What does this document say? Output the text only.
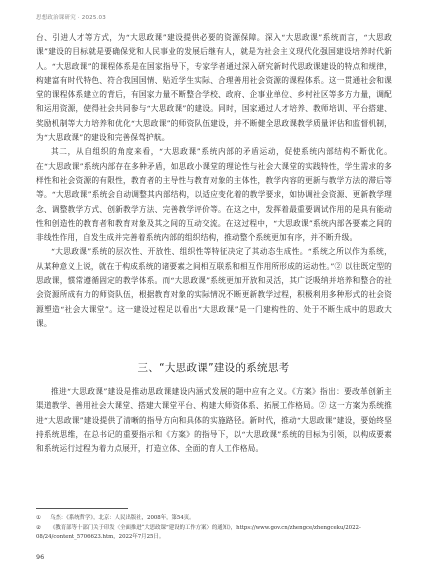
思想政治课研究 · 2025.03

台、引进人才等方式，为“大思政课”建设提供必要的资源保障。深入“大思政课”系统而言，“大思政课”建设的目标就是要确保党和人民事业的发展后继有人，就是为社会主义现代化强国建设培养时代新人。“大思政课”的课程体系是在国家指导下，专家学者通过深入研究新时代思政课建设的特点和规律，构建富有时代特色、符合我国国情、贴近学生实际、合理善用社会资源的课程体系。这一贯通社会和课堂的课程体系建立的背后，有国家力量不断整合学校、政府、企事业单位、乡村社区等多方力量，调配和运用资源，使得社会共同参与“大思政课”的建设。同时，国家通过人才培养、教师培训、平台搭建、奖励机制等大力培养和优化“大思政课”的师资队伍建设，并不断健全思政课教学质量评估和监督机制，为“大思政课”的建设和完善保驾护航。

其二，从自组织的角度来看，“大思政课”系统内部的矛盾运动，促使系统内部结构不断优化。在“大思政课”系统内部存在多种矛盾，如思政小课堂的理论性与社会大课堂的实践特性，学生需求的多样性和社会资源的有限性，教育者的主导性与教育对象的主体性，教学内容的更新与教学方法的滞后等等。“大思政课”系统会自动调整其内部结构，以适应变化着的教学要求，如协调社会资源、更新教学理念、调整教学方式、创新教学方法、完善教学评价等。在这之中，发挥着最重要调试作用的是具有能动性和创造性的教育者和教育对象及其之间的互动交流。在这过程中，“大思政课”系统内部各要素之间的非线性作用，自发生成并完善着系统内部的组织结构，推动整个系统更加有序，并不断升级。

“大思政课”系统的层次性、开放性、组织性等特征决定了其动态生成性。“系统之所以作为系统，从某种意义上说，就在于构成系统的诸要素之间相互联系和相互作用所形成的运动性。”② 以往既定型的思政课，惯常遵循固定的教学体系。而“大思政课”系统更加开放和灵活，其广泛吸纳并培养和整合的社会资源所成有力的师资队伍，根据教育对象的实际情况不断更新教学过程，积极利用多种形式的社会资源塑造“社会大课堂”。这一建设过程足以看出“大思政课”是一门建构性的、处于不断生成中的思政大课。

三、“大思政课”建设的系统思考

推进“大思政课”建设是推动思政课建设内涵式发展的题中应有之义。《方案》指出：要改革创新主渠道教学、善用社会大课堂、搭建大课堂平台、构建大师资体系、拓展工作格局。② 这一方案为系统推进“大思政课”建设提供了清晰的指导方向和具体的实施路径。新时代，推动“大思政课”建设，要始终坚持系统思维，在总书记的重要指示和《方案》的指导下，以“大思政课”系统的目标为引领，以构成要素和系统运行过程为着力点展开，打造立体、全面的育人工作格局。

① 乌杰：《系统哲学》，北京：人民出版社，2008年，第54页。
② 《教育部等十部门关于印发〈全面推进“大思政课”建设的工作方案〉的通知》，https://www.gov.cn/zhengce/zhengceku/2022-08/24/content_5706623.htm，2022年7月25日。
96
